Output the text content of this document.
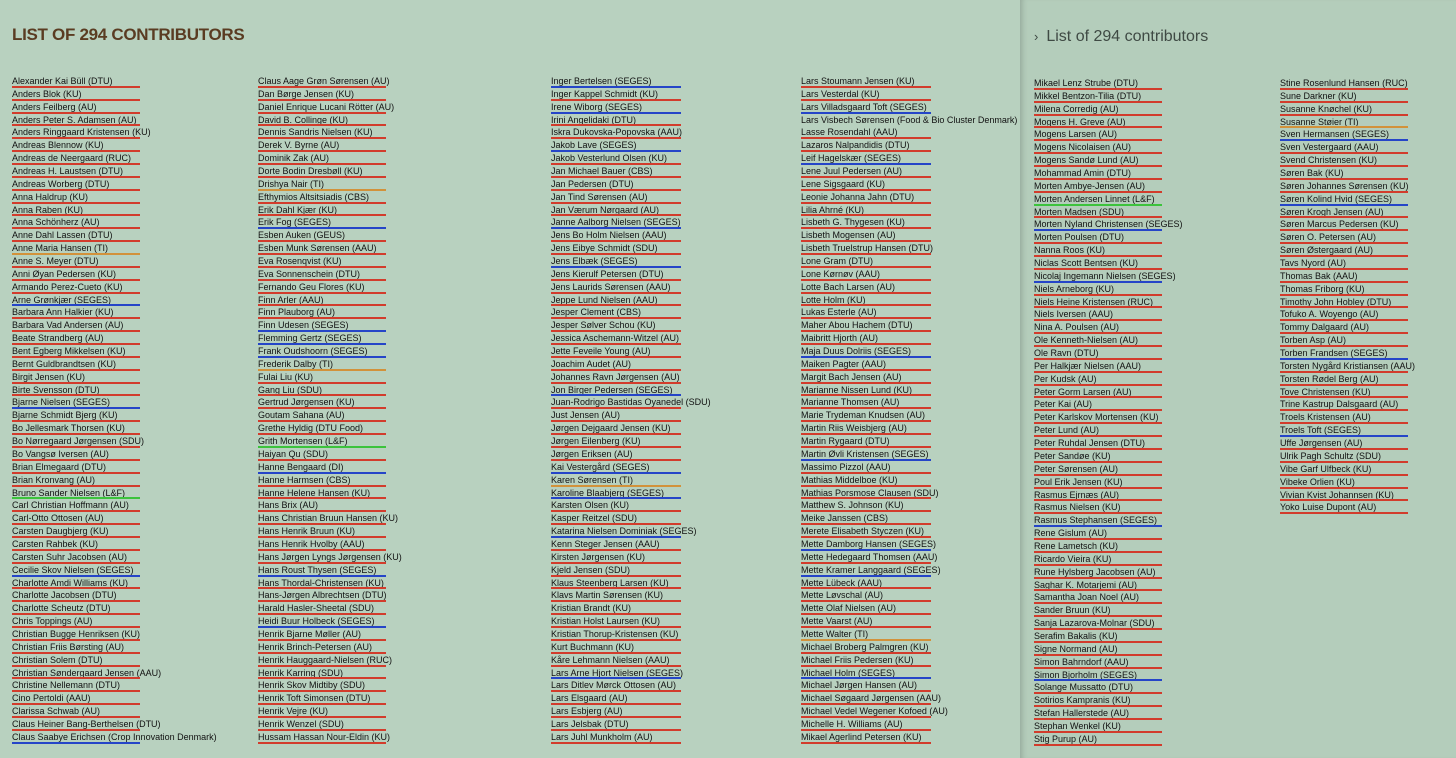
LIST OF 294 CONTRIBUTORS	› List of 294 contributors
Alexander Kai Büll (DTU)
Anders Blok (KU)
Anders Feilberg (AU)
Anders Peter S. Adamsen (AU)
Anders Ringgaard Kristensen (KU)
Andreas Blennow (KU)
Andreas de Neergaard (RUC)
Andreas H. Laustsen (DTU)
Andreas Worberg (DTU)
Anna Haldrup (KU)
Anna Raben (KU)
Anna Schönherz (AU)
Anne Dahl Lassen (DTU)
Anne Maria Hansen (TI)
Anne S. Meyer (DTU)
Anni Øyan Pedersen (KU)
Armando Perez-Cueto (KU)
Arne Grønkjær (SEGES)
Barbara Ann Halkier (KU)
Barbara Vad Andersen (AU)
Beate Strandberg (AU)
Bent Egberg Mikkelsen (KU)
Bernt Guldbrandtsen (KU)
Birgit Jensen (KU)
Birte Svensson (DTU)
Bjarne Nielsen (SEGES)
Bjarne Schmidt Bjerg (KU)
Bo Jellesmark Thorsen (KU)
Bo Nørregaard Jørgensen (SDU)
Bo Vangsø Iversen (AU)
Brian Elmegaard (DTU)
Brian Kronvang (AU)
Bruno Sander Nielsen (L&F)
Carl Christian Hoffmann (AU)
Carl-Otto Ottosen (AU)
Carsten Daugbjerg (KU)
Carsten Rahbek (KU)
Carsten Suhr Jacobsen (AU)
Cecilie Skov Nielsen (SEGES)
Charlotte Amdi Williams (KU)
Charlotte Jacobsen (DTU)
Charlotte Scheutz (DTU)
Chris Toppings (AU)
Christian Bugge Henriksen (KU)
Christian Friis Børsting (AU)
Christian Solem (DTU)
Christian Søndergaard Jensen (AAU)
Christine Nellemann (DTU)
Cino Pertoldi (AAU)
Clarissa Schwab (AU)
Claus Heiner Bang-Berthelsen (DTU)
Claus Saabye Erichsen (Crop Innovation Denmark)
Claus Aage Grøn Sørensen (AU)
Dan Børge Jensen (KU)
Daniel Enrique Lucani Rötter (AU)
David B. Collinge (KU)
Dennis Sandris Nielsen (KU)
Derek V. Byrne (AU)
Dominik Zak (AU)
Dorte Bodin Dresbøll (KU)
Drishya Nair (TI)
Efthymios Altsitsiadis (CBS)
Erik Dahl Kjær (KU)
Erik Fog (SEGES)
Esben Auken (GEUS)
Esben Munk Sørensen (AAU)
Eva Rosenqvist (KU)
Eva Sonnenschein (DTU)
Fernando Geu Flores (KU)
Finn Arler (AAU)
Finn Plauborg (AU)
Finn Udesen (SEGES)
Flemming Gertz (SEGES)
Frank Oudshoorn (SEGES)
Frederik Dalby (TI)
Fulai Liu (KU)
Gang Liu (SDU)
Gertrud Jørgensen (KU)
Goutam Sahana (AU)
Grethe Hyldig (DTU Food)
Grith Mortensen (L&F)
Haiyan Qu (SDU)
Hanne Bengaard (DI)
Hanne Harmsen (CBS)
Hanne Helene Hansen (KU)
Hans Brix (AU)
Hans Christian Bruun Hansen (KU)
Hans Henrik Bruun (KU)
Hans Henrik Hvolby (AAU)
Hans Jørgen Lyngs Jørgensen (KU)
Hans Roust Thysen (SEGES)
Hans Thordal-Christensen (KU)
Hans-Jørgen Albrechtsen (DTU)
Harald Hasler-Sheetal (SDU)
Heidi Buur Holbeck (SEGES)
Henrik Bjarne Møller (AU)
Henrik Brinch-Petersen (AU)
Henrik Hauggaard-Nielsen (RUC)
Henrik Karring (SDU)
Henrik Skov Midtiby (SDU)
Henrik Toft Simonsen (DTU)
Henrik Vejre (KU)
Henrik Wenzel (SDU)
Hussam Hassan Nour-Eldin (KU)
Inger Bertelsen (SEGES)
Inger Kappel Schmidt (KU)
Irene Wiborg (SEGES)
Irini Angelidaki (DTU)
Iskra Dukovska-Popovska (AAU)
Jakob Lave (SEGES)
Jakob Vesterlund Olsen (KU)
Jan Michael Bauer (CBS)
Jan Pedersen (DTU)
Jan Tind Sørensen (AU)
Jan Værum Nørgaard (AU)
Janne Aalborg Nielsen (SEGES)
Jens Bo Holm Nielsen (AAU)
Jens Eibye Schmidt (SDU)
Jens Elbæk (SEGES)
Jens Kierulf Petersen (DTU)
Jens Laurids Sørensen (AAU)
Jeppe Lund Nielsen (AAU)
Jesper Clement (CBS)
Jesper Sølver Schou (KU)
Jessica Aschemann-Witzel (AU)
Jette Feveile Young (AU)
Joachim Audet (AU)
Johannes Ravn Jørgensen (AU)
Jon Birger Pedersen (SEGES)
Juan-Rodrigo Bastidas Oyanedel (SDU)
Just Jensen (AU)
Jørgen Dejgaard Jensen (KU)
Jørgen Eilenberg (KU)
Jørgen Eriksen (AU)
Kai Vestergård (SEGES)
Karen Sørensen (TI)
Karoline Blaabjerg (SEGES)
Karsten Olsen (KU)
Kasper Reitzel (SDU)
Katarina Nielsen Dominiak (SEGES)
Kenn Steger Jensen (AAU)
Kirsten Jørgensen (KU)
Kjeld Jensen (SDU)
Klaus Steenberg Larsen (KU)
Klavs Martin Sørensen (KU)
Kristian Brandt (KU)
Kristian Holst Laursen (KU)
Kristian Thorup-Kristensen (KU)
Kurt Buchmann (KU)
Kåre Lehmann Nielsen (AAU)
Lars Arne Hjort Nielsen (SEGES)
Lars Ditlev Mørck Ottosen (AU)
Lars Elsgaard (AU)
Lars Esbjerg (AU)
Lars Jelsbak (DTU)
Lars Juhl Munkholm (AU)
Lars Stoumann Jensen (KU)
Lars Vesterdal (KU)
Lars Villadsgaard Toft (SEGES)
Lars Visbech Sørensen (Food & Bio Cluster Denmark)
Lasse Rosendahl (AAU)
Lazaros Nalpandidis (DTU)
Leif Hagelskær (SEGES)
Lene Juul Pedersen (AU)
Lene Sigsgaard (KU)
Leonie Johanna Jahn (DTU)
Lilia Ahrné (KU)
Lisbeth G. Thygesen (KU)
Lisbeth Mogensen (AU)
Lisbeth Truelstrup Hansen (DTU)
Lone Gram (DTU)
Lone Kørnøv (AAU)
Lotte Bach Larsen (AU)
Lotte Holm (KU)
Lukas Esterle (AU)
Maher Abou Hachem (DTU)
Maibritt Hjorth (AU)
Maja Duus Dolriis (SEGES)
Maiken Pagter (AAU)
Margit Bach Jensen (AU)
Marianne Nissen Lund (KU)
Marianne Thomsen (AU)
Marie Trydeman Knudsen (AU)
Martin Riis Weisbjerg (AU)
Martin Rygaard (DTU)
Martin Øvli Kristensen (SEGES)
Massimo Pizzol (AAU)
Mathias Middelboe (KU)
Mathias Porsmose Clausen (SDU)
Matthew S. Johnson (KU)
Meike Janssen (CBS)
Merete Elisabeth Styczen (KU)
Mette Damborg Hansen (SEGES)
Mette Hedegaard Thomsen (AAU)
Mette Kramer Langgaard (SEGES)
Mette Lübeck (AAU)
Mette Løvschal (AU)
Mette Olaf Nielsen (AU)
Mette Vaarst (AU)
Mette Walter (TI)
Michael Broberg Palmgren (KU)
Michael Friis Pedersen (KU)
Michael Holm (SEGES)
Michael Jørgen Hansen (AU)
Michael Søgaard Jørgensen (AAU)
Michael Vedel Wegener Kofoed (AU)
Michelle H. Williams (AU)
Mikael Agerlind Petersen (KU)
Mikael Lenz Strube (DTU)
Mikkel Bentzon-Tilia (DTU)
Milena Corredig (AU)
Mogens H. Greve (AU)
Mogens Larsen (AU)
Mogens Nicolaisen (AU)
Mogens Sandø Lund (AU)
Mohammad Amin (DTU)
Morten Ambye-Jensen (AU)
Morten Andersen Linnet (L&F)
Morten Madsen (SDU)
Morten Nyland Christensen (SEGES)
Morten Poulsen (DTU)
Nanna Roos (KU)
Niclas Scott Bentsen (KU)
Nicolaj Ingemann Nielsen (SEGES)
Niels Arneborg (KU)
Niels Heine Kristensen (RUC)
Niels Iversen (AAU)
Nina A. Poulsen (AU)
Ole Kenneth-Nielsen (AU)
Ole Ravn (DTU)
Per Halkjær Nielsen (AAU)
Per Kudsk (AU)
Peter Gorm Larsen (AU)
Peter Kai (AU)
Peter Karlskov Mortensen (KU)
Peter Lund (AU)
Peter Ruhdal Jensen (DTU)
Peter Sandøe (KU)
Peter Sørensen (AU)
Poul Erik Jensen (KU)
Rasmus Ejrnæs (AU)
Rasmus Nielsen (KU)
Rasmus Stephansen (SEGES)
Rene Gislum (AU)
Rene Lametsch (KU)
Ricardo Vieira (KU)
Rune Hylsberg Jacobsen (AU)
Saghar K. Motarjemi (AU)
Samantha Joan Noel (AU)
Sander Bruun (KU)
Sanja Lazarova-Molnar (SDU)
Serafim Bakalis (KU)
Signe Normand (AU)
Simon Bahrndorf (AAU)
Simon Bjorholm (SEGES)
Solange Mussatto (DTU)
Sotirios Kampranis (KU)
Stefan Hallerstede (AU)
Stephan Wenkel (KU)
Stig Purup (AU)
Stine Rosenlund Hansen (RUC)
Sune Darkner (KU)
Susanne Knøchel (KU)
Susanne Støier (TI)
Sven Hermansen (SEGES)
Sven Vestergaard (AAU)
Svend Christensen (KU)
Søren Bak (KU)
Søren Johannes Sørensen (KU)
Søren Kolind Hvid (SEGES)
Søren Krogh Jensen (AU)
Søren Marcus Pedersen (KU)
Søren O. Petersen (AU)
Søren Østergaard (AU)
Tavs Nyord (AU)
Thomas Bak (AAU)
Thomas Friborg (KU)
Timothy John Hobley (DTU)
Tofuko A. Woyengo (AU)
Tommy Dalgaard (AU)
Torben Asp (AU)
Torben Frandsen (SEGES)
Torsten Nygård Kristiansen (AAU)
Torsten Rødel Berg (AU)
Tove Christensen (KU)
Trine Kastrup Dalsgaard (AU)
Troels Kristensen (AU)
Troels Toft (SEGES)
Uffe Jørgensen (AU)
Ulrik Pagh Schultz (SDU)
Vibe Garf Ulfbeck (KU)
Vibeke Orlien (KU)
Vivian Kvist Johannsen (KU)
Yoko Luise Dupont (AU)
